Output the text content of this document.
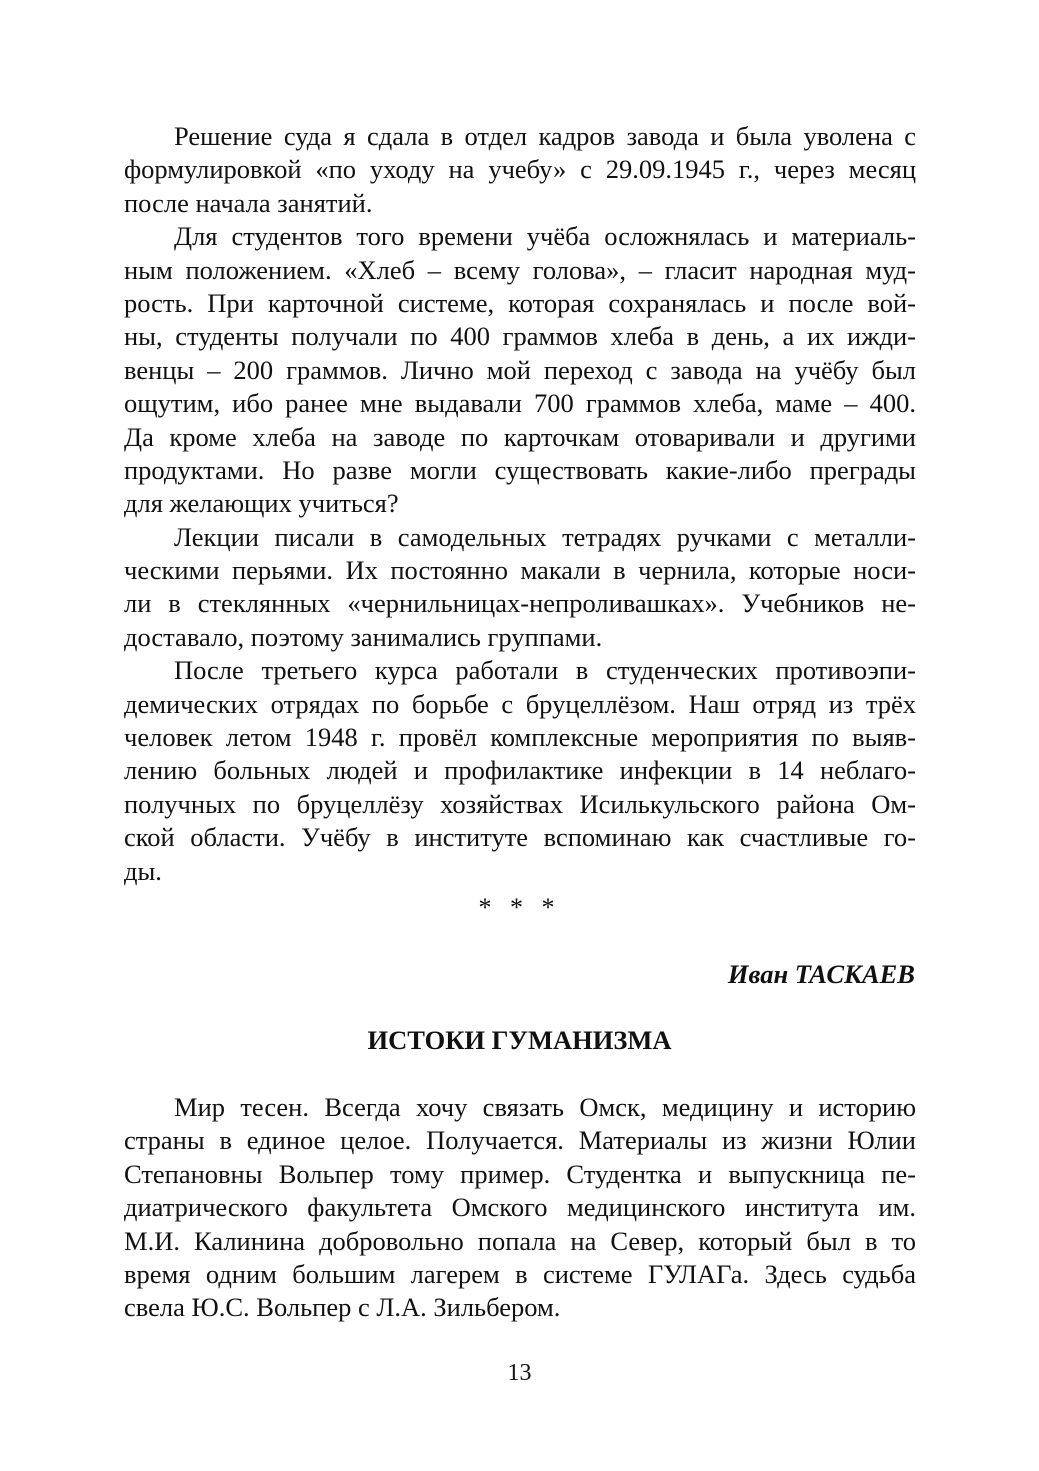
Решение суда я сдала в отдел кадров завода и была уволена с
формулировкой «по уходу на учебу» с 29.09.1945 г., через месяц
после начала занятий.

Для студентов того времени учёба осложнялась и материаль-
ным положением. «Хлеб – всему голова», – гласит народная муд-
рость. При карточной системе, которая сохранялась и после вой-
ны, студенты получали по 400 граммов хлеба в день, а их ижди-
венцы – 200 граммов. Лично мой переход с завода на учёбу был
ощутим, ибо ранее мне выдавали 700 граммов хлеба, маме – 400.
Да кроме хлеба на заводе по карточкам отоваривали и другими
продуктами. Но разве могли существовать какие-либо преграды
для желающих учиться?

Лекции писали в самодельных тетрадях ручками с металли-
ческими перьями. Их постоянно макали в чернила, которые носи-
ли в стеклянных «чернильницах-непроливашках». Учебников не-
доставало, поэтому занимались группами.

После третьего курса работали в студенческих противоэпи-
демических отрядах по борьбе с бруцеллёзом. Наш отряд из трёх
человек летом 1948 г. провёл комплексные мероприятия по выяв-
лению больных людей и профилактике инфекции в 14 неблаго-
получных по бруцеллёзу хозяйствах Исилькульского района Ом-
ской области. Учёбу в институте вспоминаю как счастливые го-
ды.

* * *
Иван ТАСКАЕВ
ИСТОКИ ГУМАНИЗМА

Мир тесен. Всегда хочу связать Омск, медицину и историю
страны в единое целое. Получается. Материалы из жизни Юлии
Степановны Вольпер тому пример. Студентка и выпускница пе-
диатрического факультета Омского медицинского института им.
М.И. Калинина добровольно попала на Север, который был в то
время одним большим лагерем в системе ГУЛАГа. Здесь судьба
свела Ю.С. Вольпер с Л.А. Зильбером.

13
